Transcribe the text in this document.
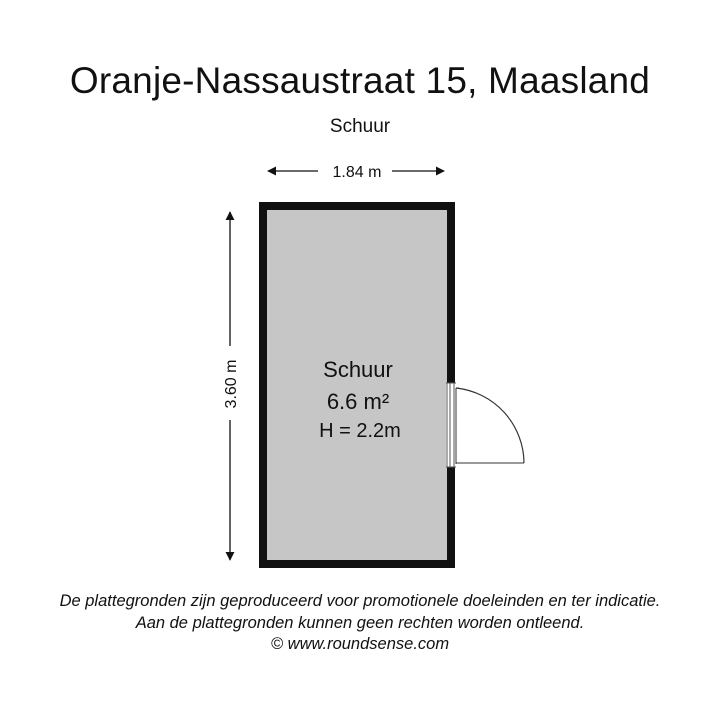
Oranje-Nassaustraat 15, Maasland
Schuur
1.84 m
3.60 m	Schuur
6.6 m²
H = 2.2m
De plattegronden zijn geproduceerd voor promotionele doeleinden en ter indicatie.
Aan de plattegronden kunnen geen rechten worden ontleend.
© www.roundsense.com
